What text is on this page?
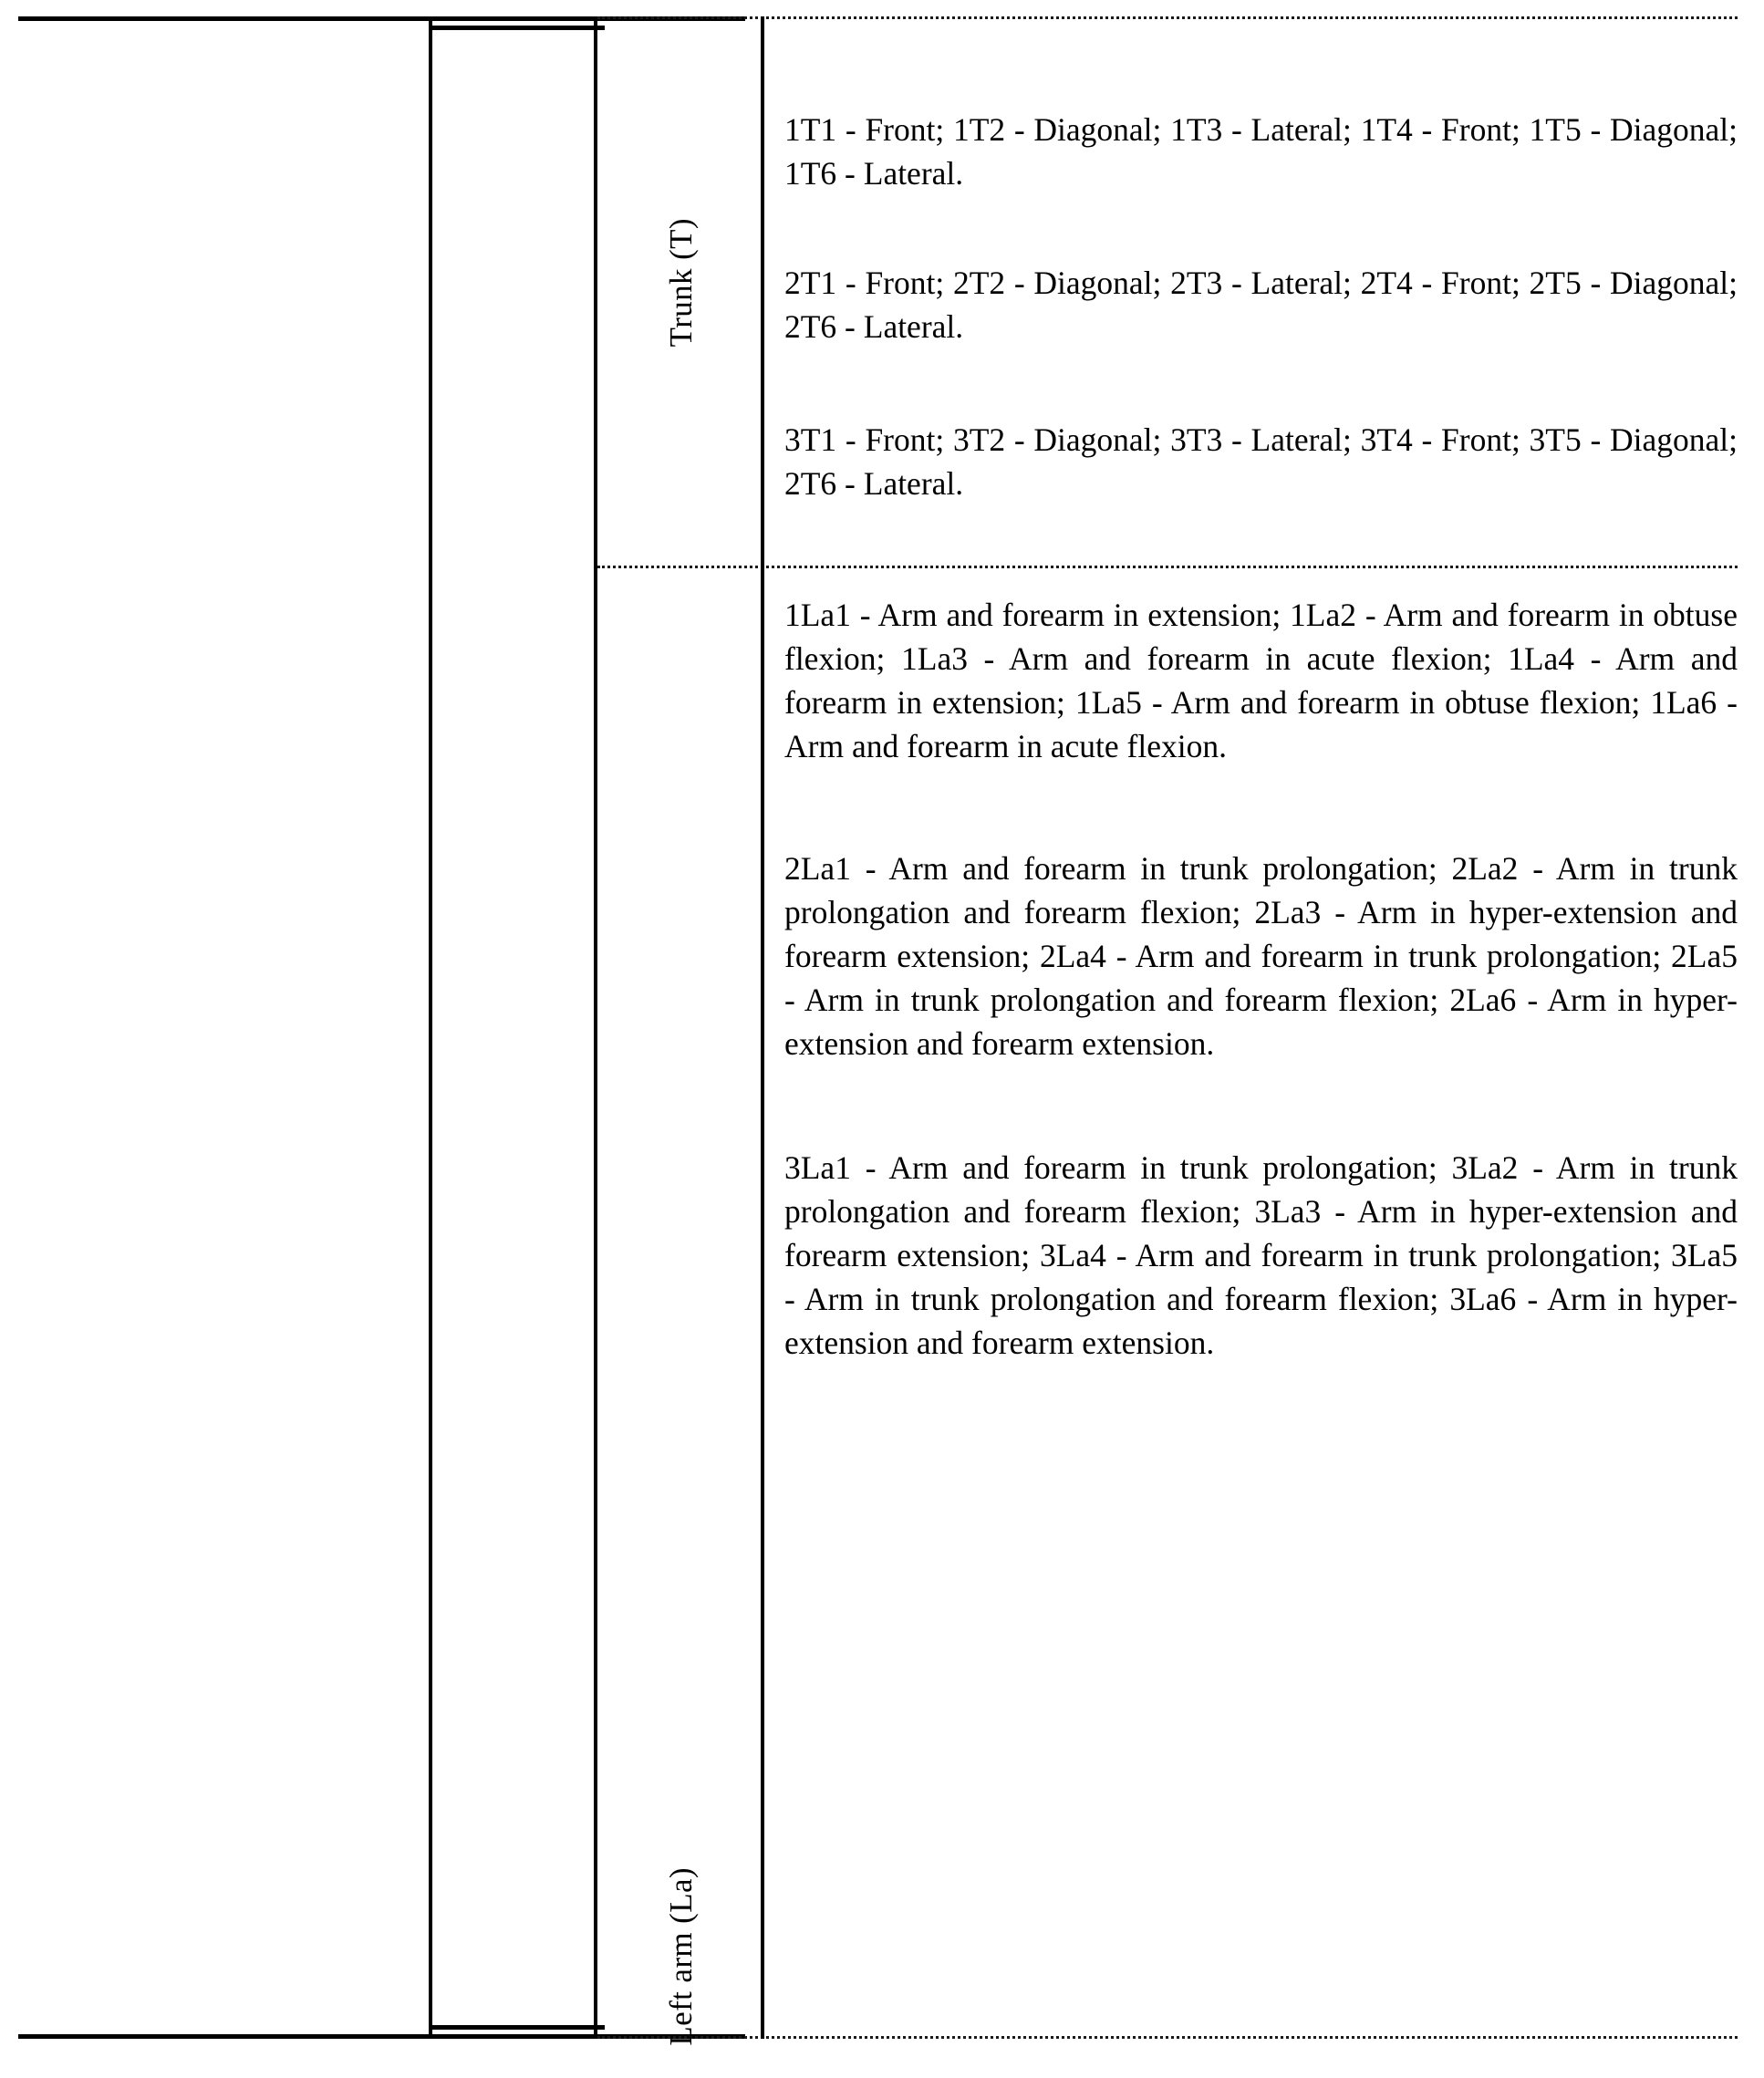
Trunk (T)
Left arm (La)

1T1 - Front; 1T2 - Diagonal; 1T3 - Lateral; 1T4 - Front; 1T5 - Diagonal; 1T6 - Lateral.

2T1 - Front; 2T2 - Diagonal; 2T3 - Lateral; 2T4 - Front; 2T5 - Diagonal; 2T6 - Lateral.

3T1 - Front; 3T2 - Diagonal; 3T3 - Lateral; 3T4 - Front; 3T5 - Diagonal; 2T6 - Lateral.

1La1 - Arm and forearm in extension; 1La2 - Arm and forearm in obtuse flexion; 1La3 - Arm and forearm in acute flexion; 1La4 - Arm and forearm in extension; 1La5 - Arm and forearm in obtuse flexion; 1La6 - Arm and forearm in acute flexion.

2La1 - Arm and forearm in trunk prolongation; 2La2 - Arm in trunk prolongation and forearm flexion; 2La3 - Arm in hyper-extension and forearm extension; 2La4 - Arm and forearm in trunk prolongation; 2La5 - Arm in trunk prolongation and forearm flexion; 2La6 - Arm in hyper-extension and forearm extension.

3La1 - Arm and forearm in trunk prolongation; 3La2 - Arm in trunk prolongation and forearm flexion; 3La3 - Arm in hyper-extension and forearm extension; 3La4 - Arm and forearm in trunk prolongation; 3La5 - Arm in trunk prolongation and forearm flexion; 3La6 - Arm in hyper-extension and forearm extension.
